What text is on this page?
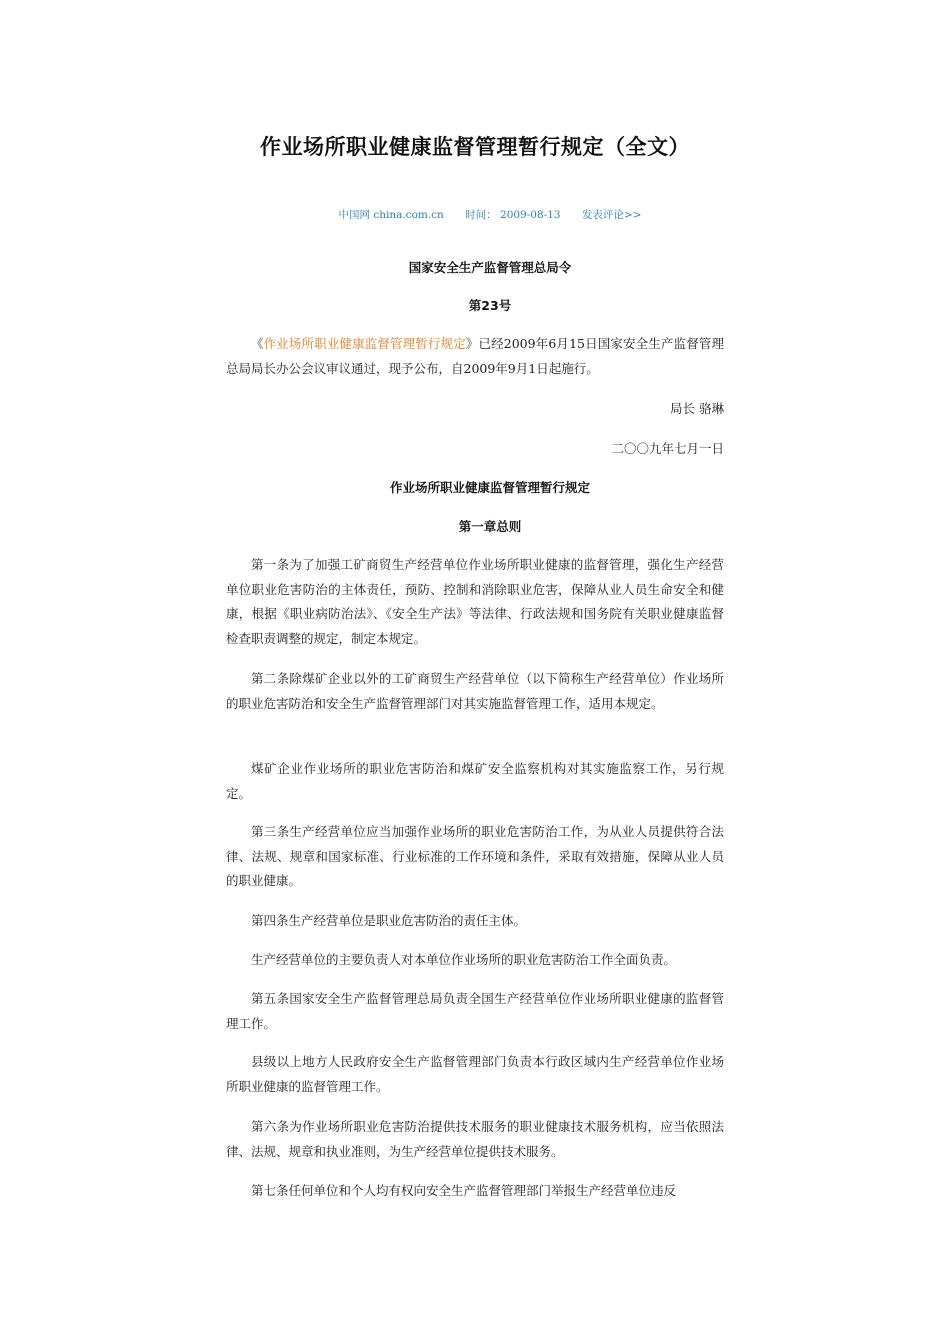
作业场所职业健康监督管理暂行规定（全文）
中国网 china.com.cn 时间： 2009-08-13 发表评论>>
国家安全生产监督管理总局令
第23号
《作业场所职业健康监督管理暂行规定》已经2009年6月15日国家安全生产监督管理总局局长办公会议审议通过，现予公布，自2009年9月1日起施行。
局长 骆琳
二〇〇九年七月一日
作业场所职业健康监督管理暂行规定
第一章总则
第一条为了加强工矿商贸生产经营单位作业场所职业健康的监督管理，强化生产经营单位职业危害防治的主体责任，预防、控制和消除职业危害，保障从业人员生命安全和健康，根据《职业病防治法》、《安全生产法》等法律、行政法规和国务院有关职业健康监督检查职责调整的规定，制定本规定。
第二条除煤矿企业以外的工矿商贸生产经营单位（以下简称生产经营单位）作业场所的职业危害防治和安全生产监督管理部门对其实施监督管理工作，适用本规定。
煤矿企业作业场所的职业危害防治和煤矿安全监察机构对其实施监察工作，另行规定。
第三条生产经营单位应当加强作业场所的职业危害防治工作，为从业人员提供符合法律、法规、规章和国家标准、行业标准的工作环境和条件，采取有效措施，保障从业人员的职业健康。
第四条生产经营单位是职业危害防治的责任主体。
生产经营单位的主要负责人对本单位作业场所的职业危害防治工作全面负责。
第五条国家安全生产监督管理总局负责全国生产经营单位作业场所职业健康的监督管理工作。
县级以上地方人民政府安全生产监督管理部门负责本行政区域内生产经营单位作业场所职业健康的监督管理工作。
第六条为作业场所职业危害防治提供技术服务的职业健康技术服务机构，应当依照法律、法规、规章和执业准则，为生产经营单位提供技术服务。
第七条任何单位和个人均有权向安全生产监督管理部门举报生产经营单位违反
